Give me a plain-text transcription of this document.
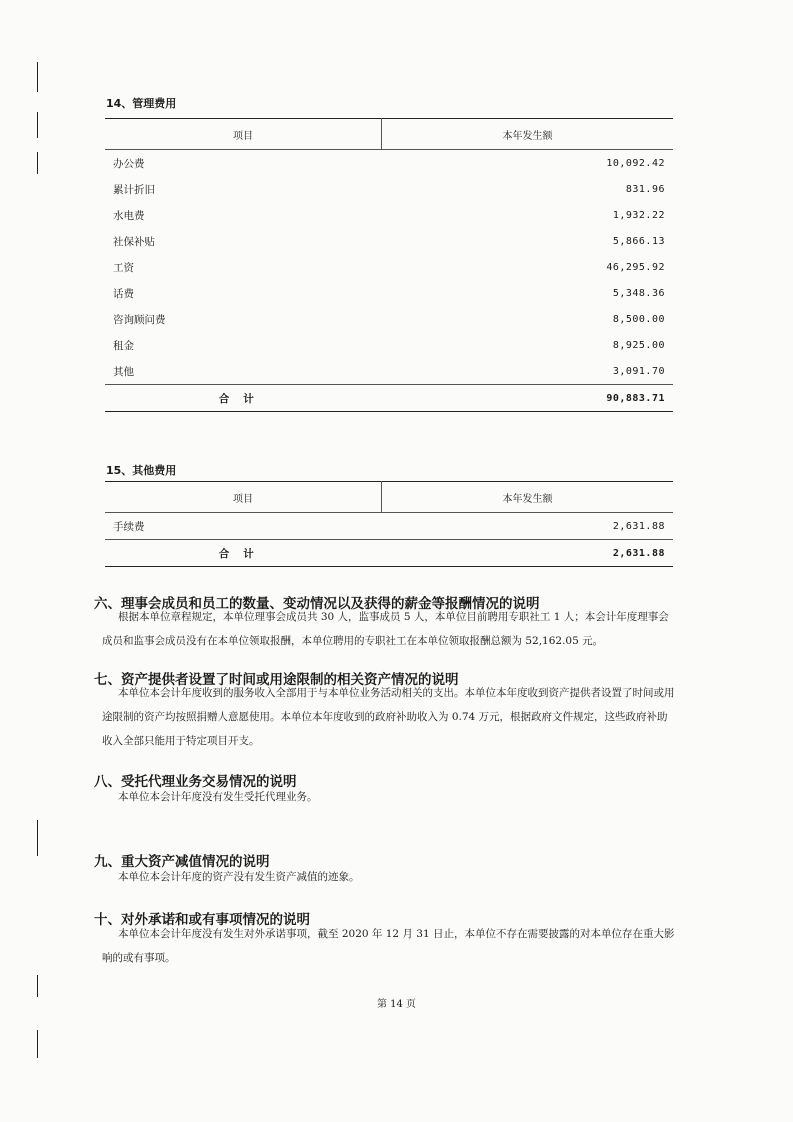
14、管理费用
项目	本年发生额
办公费	10,092.42
累计折旧	831.96
水电费	1,932.22
社保补贴	5,866.13
工资	46,295.92
话费	5,348.36
咨询顾问费	8,500.00
租金	8,925.00
其他	3,091.70
合计	90,883.71
15、其他费用
项目	本年发生额
手续费	2,631.88
合计	2,631.88
六、理事会成员和员工的数量、变动情况以及获得的薪金等报酬情况的说明
根据本单位章程规定，本单位理事会成员共 30 人，监事成员 5 人，本单位目前聘用专职社工 1 人；本会计年度理事会成员和监事会成员没有在本单位领取报酬，本单位聘用的专职社工在本单位领取报酬总额为 52,162.05 元。
七、资产提供者设置了时间或用途限制的相关资产情况的说明
本单位本会计年度收到的服务收入全部用于与本单位业务活动相关的支出。本单位本年度收到资产提供者设置了时间或用途限制的资产均按照捐赠人意愿使用。本单位本年度收到的政府补助收入为 0.74 万元，根据政府文件规定，这些政府补助收入全部只能用于特定项目开支。
八、受托代理业务交易情况的说明
本单位本会计年度没有发生受托代理业务。
九、重大资产减值情况的说明
本单位本会计年度的资产没有发生资产减值的迹象。
十、对外承诺和或有事项情况的说明
本单位本会计年度没有发生对外承诺事项，截至 2020 年 12 月 31 日止，本单位不存在需要披露的对本单位存在重大影响的或有事项。
第 14 页
